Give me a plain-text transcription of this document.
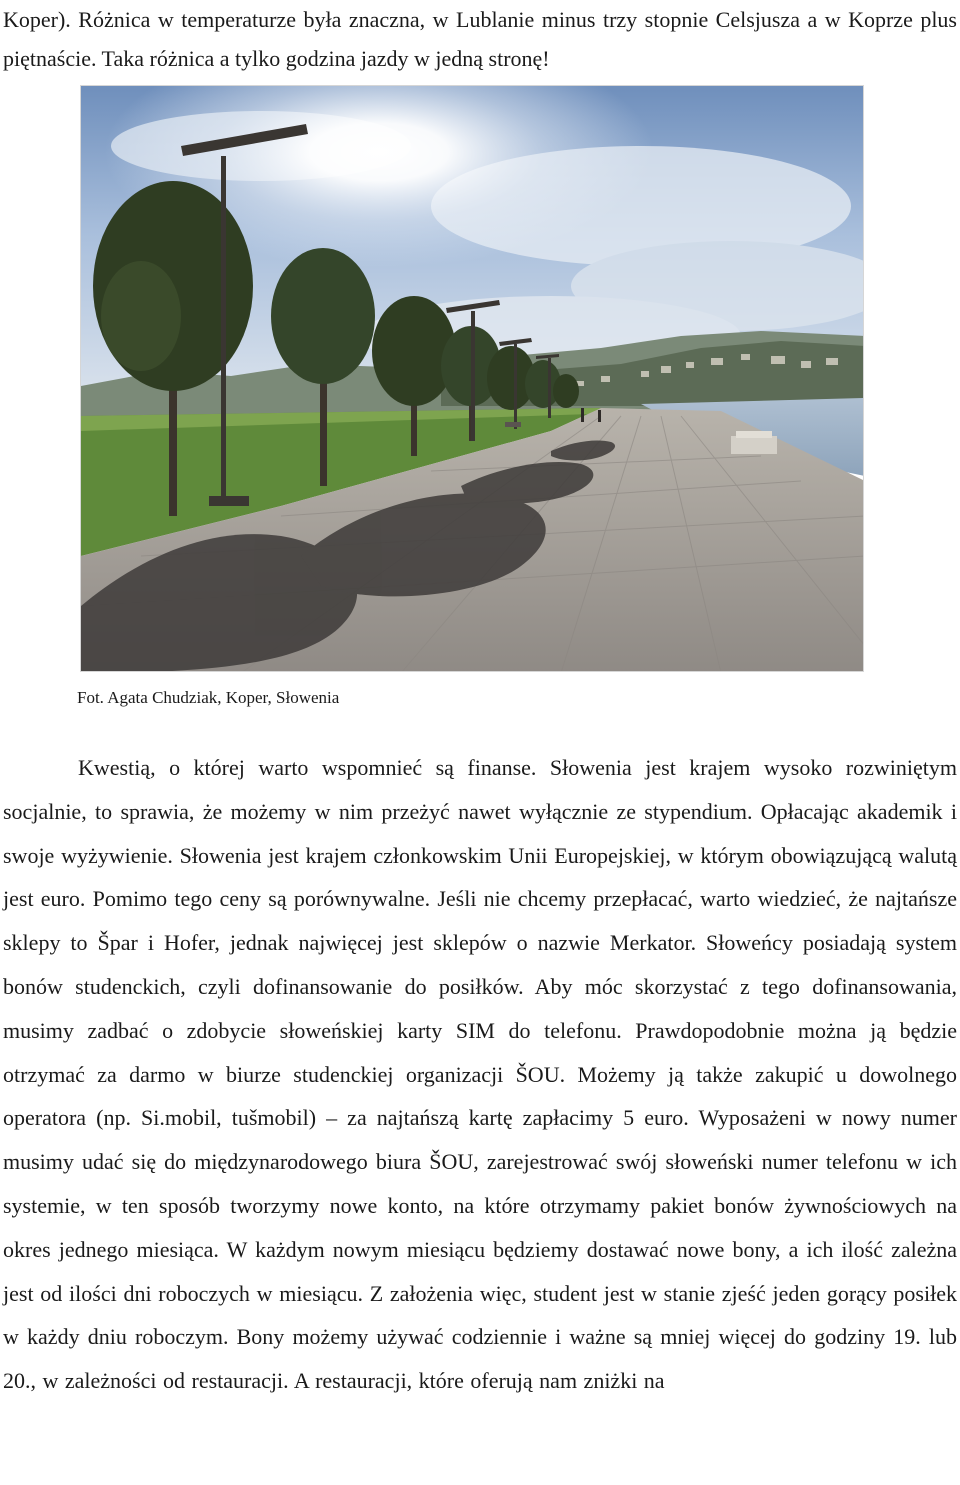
Koper). Różnica w temperaturze była znaczna, w Lublanie minus trzy stopnie Celsjusza a w Koprze plus piętnaście. Taka różnica a tylko godzina jazdy w jedną stronę!

Fot. Agata Chudziak, Koper, Słowenia

Kwestią, o której warto wspomnieć są finanse. Słowenia jest krajem wysoko rozwiniętym socjalnie, to sprawia, że możemy w nim przeżyć nawet wyłącznie ze stypendium. Opłacając akademik i swoje wyżywienie. Słowenia jest krajem członkowskim Unii Europejskiej, w którym obowiązującą walutą jest euro. Pomimo tego ceny są porównywalne. Jeśli nie chcemy przepłacać, warto wiedzieć, że najtańsze sklepy to Špar i Hofer, jednak najwięcej jest sklepów o nazwie Merkator. Słoweńcy posiadają system bonów studenckich, czyli dofinansowanie do posiłków. Aby móc skorzystać z tego dofinansowania, musimy zadbać o zdobycie słoweńskiej karty SIM do telefonu. Prawdopodobnie można ją będzie otrzymać za darmo w biurze studenckiej organizacji ŠOU. Możemy ją także zakupić u dowolnego operatora (np. Si.mobil, tušmobil) – za najtańszą kartę zapłacimy 5 euro. Wyposażeni w nowy numer musimy udać się do międzynarodowego biura ŠOU, zarejestrować swój słoweński numer telefonu w ich systemie, w ten sposób tworzymy nowe konto, na które otrzymamy pakiet bonów żywnościowych na okres jednego miesiąca. W każdym nowym miesiącu będziemy dostawać nowe bony, a ich ilość zależna jest od ilości dni roboczych w miesiącu. Z założenia więc, student jest w stanie zjeść jeden gorący posiłek w każdy dniu roboczym. Bony możemy używać codziennie i ważne są mniej więcej do godziny 19. lub 20., w zależności od restauracji. A restauracji, które oferują nam zniżki na
